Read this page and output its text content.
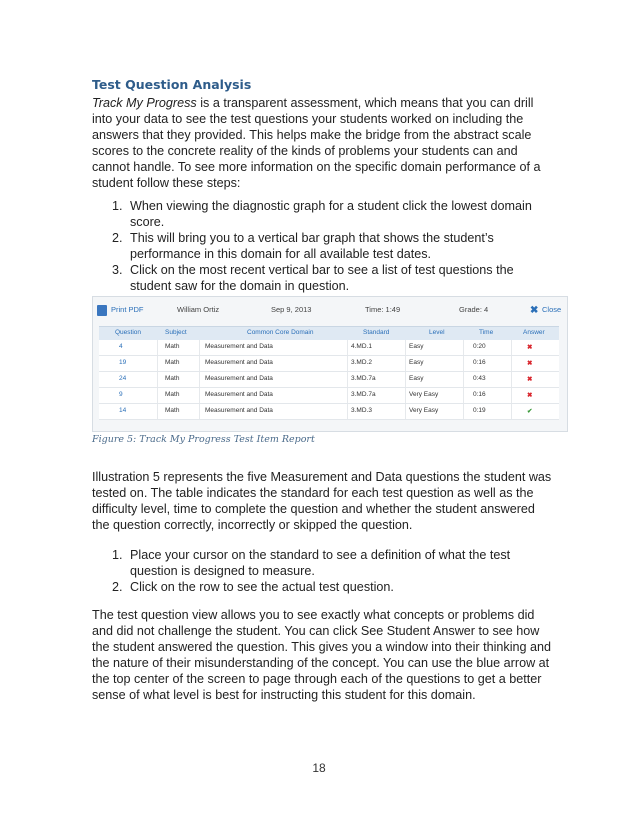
Test Question Analysis
Track My Progress is a transparent assessment, which means that you can drill into your data to see the test questions your students worked on including the answers that they provided. This helps make the bridge from the abstract scale scores to the concrete reality of the kinds of problems your students can and cannot handle. To see more information on the specific domain performance of a student follow these steps:
1. When viewing the diagnostic graph for a student click the lowest domain score.
2. This will bring you to a vertical bar graph that shows the student’s performance in this domain for all available test dates.
3. Click on the most recent vertical bar to see a list of test questions the student saw for the domain in question.
Print PDF	William Ortiz	Sep 9, 2013	Time: 1:49	Grade: 4	✖ Close
Question	Subject	Common Core Domain	Standard	Level	Time	Answer
4	Math	Measurement and Data	4.MD.1	Easy	0:20	✖
19	Math	Measurement and Data	3.MD.2	Easy	0:16	✖
24	Math	Measurement and Data	3.MD.7a	Easy	0:43	✖
9	Math	Measurement and Data	3.MD.7a	Very Easy	0:16	✖
14	Math	Measurement and Data	3.MD.3	Very Easy	0:19	✔
Figure 5: Track My Progress Test Item Report
Illustration 5 represents the five Measurement and Data questions the student was tested on. The table indicates the standard for each test question as well as the difficulty level, time to complete the question and whether the student answered the question correctly, incorrectly or skipped the question.
1. Place your cursor on the standard to see a definition of what the test question is designed to measure.
2. Click on the row to see the actual test question.
The test question view allows you to see exactly what concepts or problems did and did not challenge the student. You can click See Student Answer to see how the student answered the question. This gives you a window into their thinking and the nature of their misunderstanding of the concept. You can use the blue arrow at the top center of the screen to page through each of the questions to get a better sense of what level is best for instructing this student for this domain.
18
